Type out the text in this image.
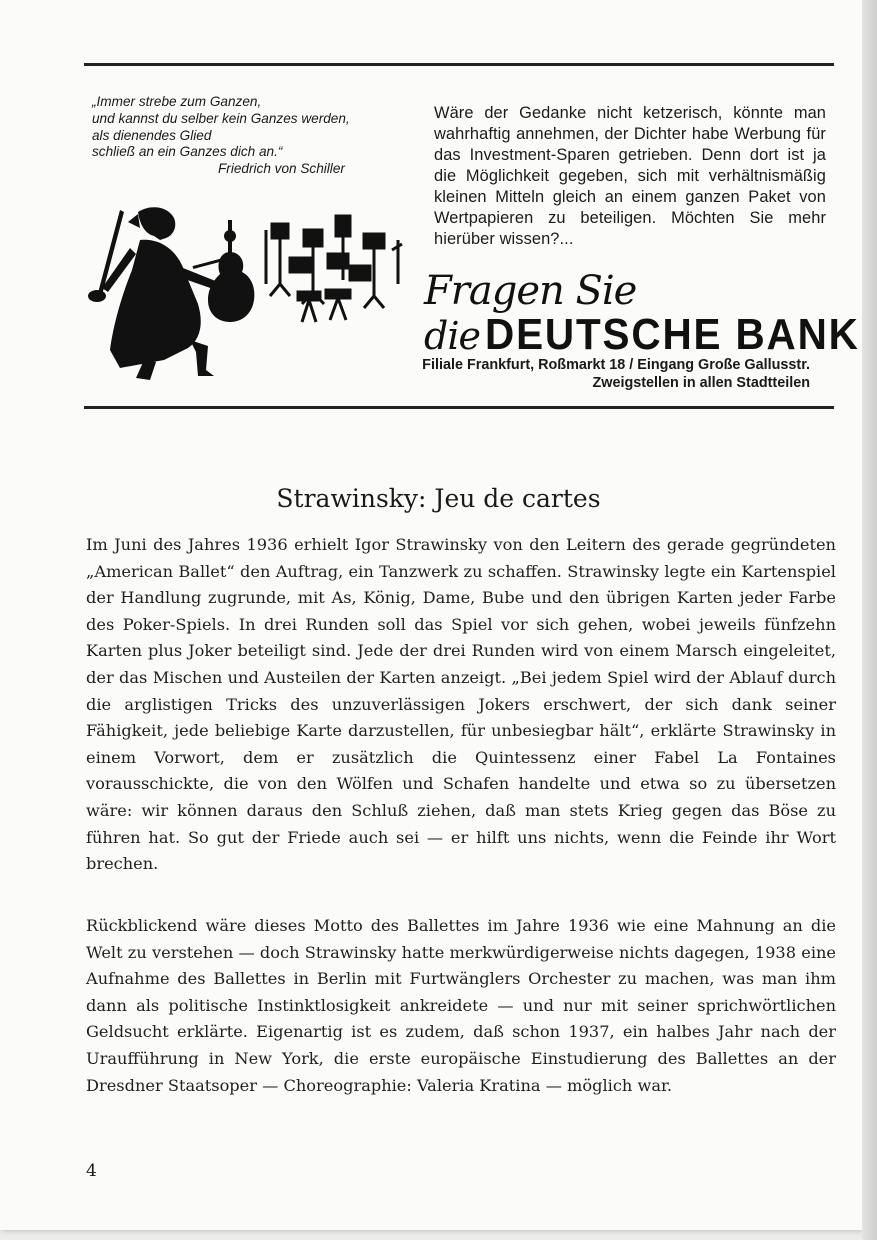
„Immer strebe zum Ganzen,
und kannst du selber kein Ganzes werden,
als dienendes Glied
schließ an ein Ganzes dich an.“
Friedrich von Schiller
Wäre der Gedanke nicht ketzerisch, könnte man wahrhaftig annehmen, der Dichter habe Werbung für das Investment-Sparen getrieben. Denn dort ist ja die Möglichkeit gegeben, sich mit verhältnismäßig kleinen Mitteln gleich an einem ganzen Paket von Wertpapieren zu beteiligen. Möchten Sie mehr hierüber wissen?...
Fragen Sie
die DEUTSCHE BANK
Filiale Frankfurt, Roßmarkt 18 / Eingang Große Gallusstr.
Zweigstellen in allen Stadtteilen
Strawinsky: Jeu de cartes
Im Juni des Jahres 1936 erhielt Igor Strawinsky von den Leitern des gerade gegründeten „American Ballet“ den Auftrag, ein Tanzwerk zu schaffen. Strawinsky legte ein Kartenspiel der Handlung zugrunde, mit As, König, Dame, Bube und den übrigen Karten jeder Farbe des Poker-Spiels. In drei Runden soll das Spiel vor sich gehen, wobei jeweils fünfzehn Karten plus Joker beteiligt sind. Jede der drei Runden wird von einem Marsch eingeleitet, der das Mischen und Austeilen der Karten anzeigt. „Bei jedem Spiel wird der Ablauf durch die arglistigen Tricks des unzuverlässigen Jokers erschwert, der sich dank seiner Fähigkeit, jede beliebige Karte darzustellen, für unbesiegbar hält“, erklärte Strawinsky in einem Vorwort, dem er zusätzlich die Quintessenz einer Fabel La Fontaines vorausschickte, die von den Wölfen und Schafen handelte und etwa so zu übersetzen wäre: wir können daraus den Schluß ziehen, daß man stets Krieg gegen das Böse zu führen hat. So gut der Friede auch sei — er hilft uns nichts, wenn die Feinde ihr Wort brechen.
Rückblickend wäre dieses Motto des Ballettes im Jahre 1936 wie eine Mahnung an die Welt zu verstehen — doch Strawinsky hatte merkwürdigerweise nichts dagegen, 1938 eine Aufnahme des Ballettes in Berlin mit Furtwänglers Orchester zu machen, was man ihm dann als politische Instinktlosigkeit ankreidete — und nur mit seiner sprichwörtlichen Geldsucht erklärte. Eigenartig ist es zudem, daß schon 1937, ein halbes Jahr nach der Uraufführung in New York, die erste europäische Einstudierung des Ballettes an der Dresdner Staatsoper — Choreographie: Valeria Kratina — möglich war.
4
